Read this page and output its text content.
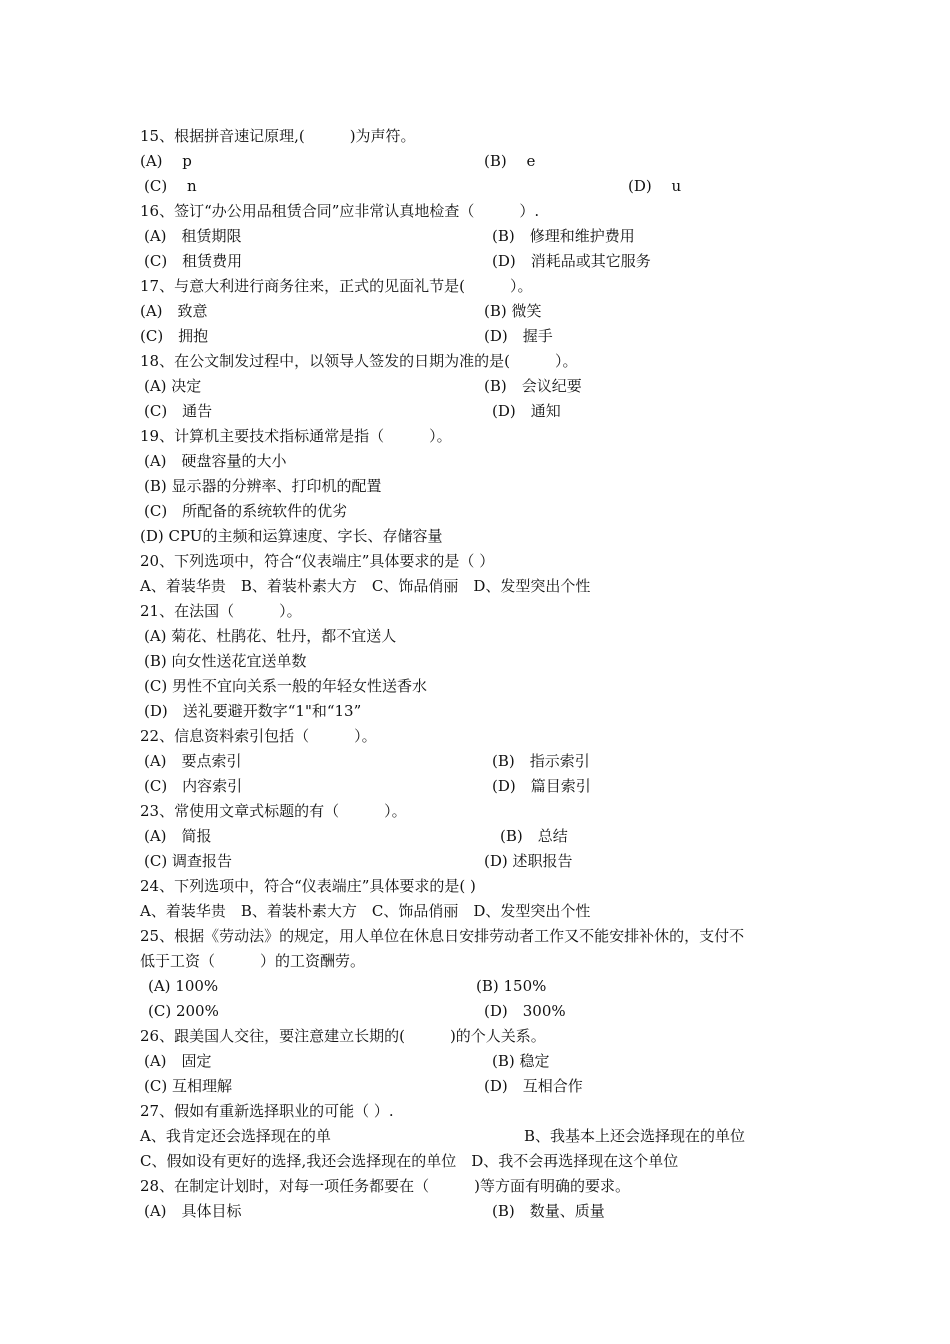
15、根据拼音速记原理,(　　　)为声符。
(A)　 p	(B)　 e
(C)　 n	(D)　 u
16、签订“办公用品租赁合同”应非常认真地检查（　　　）.
(A)　租赁期限	(B)　修理和维护费用
(C)　租赁费用	(D)　消耗品或其它服务
17、与意大利进行商务往来，正式的见面礼节是(　　　）。
(A)　致意	(B) 微笑
(C)　拥抱	(D)　握手
18、在公文制发过程中，以领导人签发的日期为准的是(　　　）。
(A) 决定	(B)　会议纪要
(C)　通告	(D)　通知
19、计算机主要技术指标通常是指（　　　）。
(A)　硬盘容量的大小
(B) 显示器的分辨率、打印机的配置
(C)　所配备的系统软件的优劣
(D) CPU的主频和运算速度、字长、存储容量
20、下列选项中，符合“仪表端庄”具体要求的是（ ）
A、着装华贵　B、着装朴素大方　C、饰品俏丽　D、发型突出个性
21、在法国（　　　）。
(A) 菊花、杜鹃花、牡丹，都不宜送人
(B) 向女性送花宜送单数
(C) 男性不宜向关系一般的年轻女性送香水
(D)　送礼要避开数字“1"和“13”
22、信息资料索引包括（　　　）。
(A)　要点索引	(B)　指示索引
(C)　内容索引	(D)　篇目索引
23、常使用文章式标题的有（　　　）。
(A)　简报	(B)　总结
(C) 调查报告	(D) 述职报告
24、下列选项中，符合“仪表端庄”具体要求的是( )
A、着装华贵　B、着装朴素大方　C、饰品俏丽　D、发型突出个性
25、根据《劳动法》的规定，用人单位在休息日安排劳动者工作又不能安排补休的，支付不
低于工资（　　　）的工资酬劳。
(A) 100%	(B) 150%
(C) 200%	(D)　300%
26、跟美国人交往，要注意建立长期的(　　　)的个人关系。
(A)　固定	(B) 稳定
(C) 互相理解	(D)　互相合作
27、假如有重新选择职业的可能（ ）.
A、我肯定还会选择现在的单	B、我基本上还会选择现在的单位
C、假如设有更好的选择,我还会选择现在的单位　D、我不会再选择现在这个单位
28、在制定计划时，对每一项任务都要在（　　　)等方面有明确的要求。
(A)　具体目标	(B)　数量、质量
